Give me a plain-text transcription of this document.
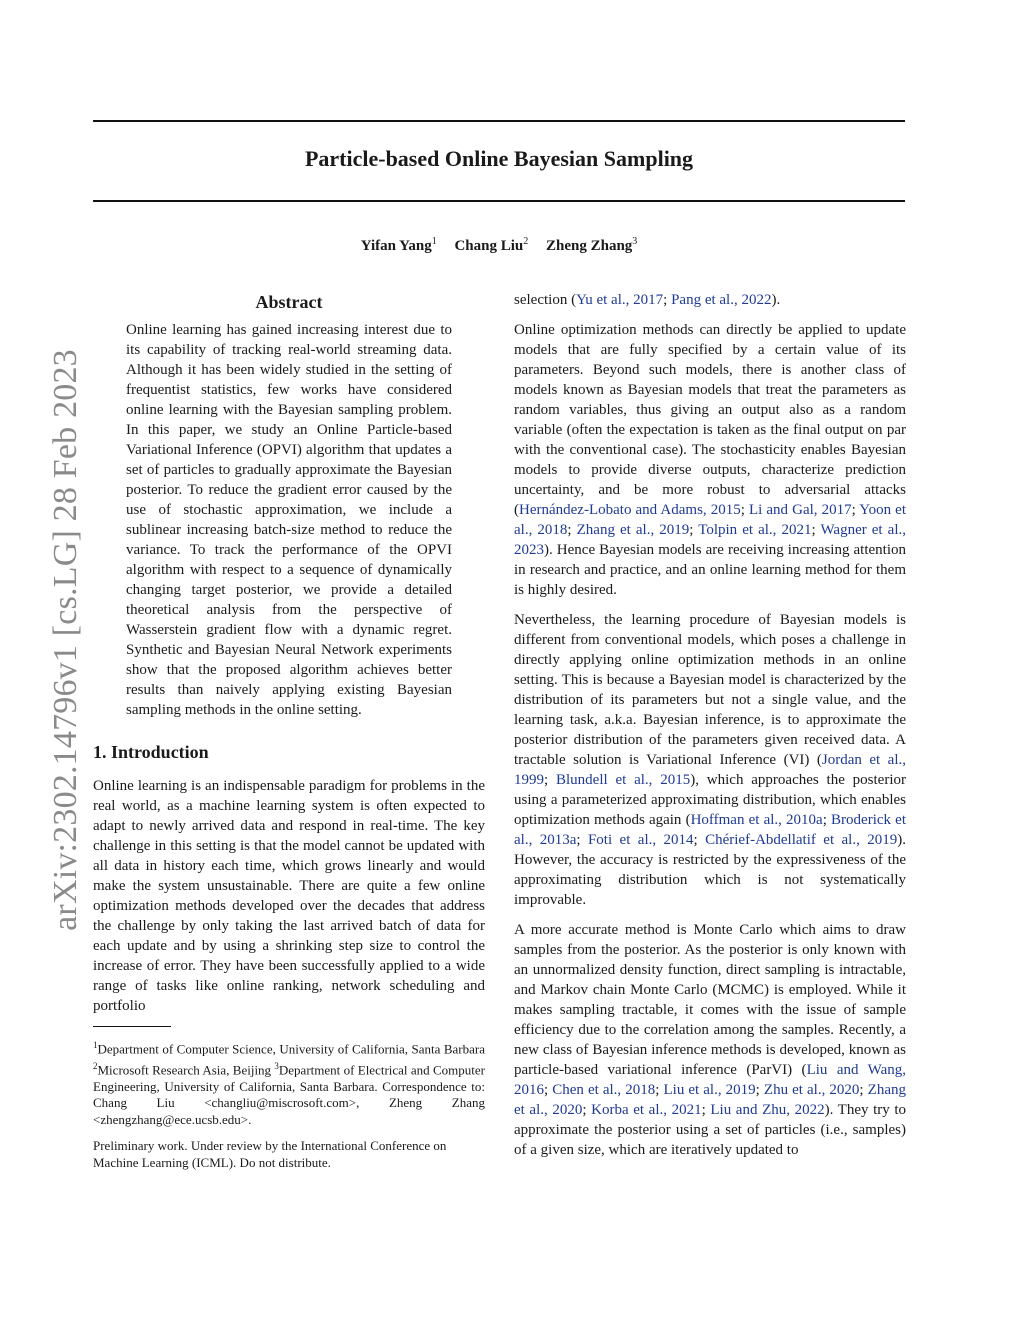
Particle-based Online Bayesian Sampling
Yifan Yang$^1$ Chang Liu$^2$ Zheng Zhang$^3$
arXiv:2302.14796v1 [cs.LG] 28 Feb 2023
Abstract

Online learning has gained increasing interest due to its capability of tracking real-world streaming data. Although it has been widely studied in the setting of frequentist statistics, few works have considered online learning with the Bayesian sampling problem. In this paper, we study an Online Particle-based Variational Inference (OPVI) algorithm that updates a set of particles to gradually approximate the Bayesian posterior. To reduce the gradient error caused by the use of stochastic approximation, we include a sublinear increasing batch-size method to reduce the variance. To track the performance of the OPVI algorithm with respect to a sequence of dynamically changing target posterior, we provide a detailed theoretical analysis from the perspective of Wasserstein gradient flow with a dynamic regret. Synthetic and Bayesian Neural Network experiments show that the proposed algorithm achieves better results than naively applying existing Bayesian sampling methods in the online setting.

1. Introduction

Online learning is an indispensable paradigm for problems in the real world, as a machine learning system is often expected to adapt to newly arrived data and respond in real-time. The key challenge in this setting is that the model cannot be updated with all data in history each time, which grows linearly and would make the system unsustainable. There are quite a few online optimization methods developed over the decades that address the challenge by only taking the last arrived batch of data for each update and by using a shrinking step size to control the increase of error. They have been successfully applied to a wide range of tasks like online ranking, network scheduling and portfolio

$^1$Department of Computer Science, University of California, Santa Barbara $^2$Microsoft Research Asia, Beijing $^3$Department of Electrical and Computer Engineering, University of California, Santa Barbara. Correspondence to: Chang Liu <changliu@miscrosoft.com>, Zheng Zhang <zhengzhang@ece.ucsb.edu>.

Preliminary work. Under review by the International Conference on Machine Learning (ICML). Do not distribute.

selection (Yu et al., 2017; Pang et al., 2022).

Online optimization methods can directly be applied to update models that are fully specified by a certain value of its parameters. Beyond such models, there is another class of models known as Bayesian models that treat the parameters as random variables, thus giving an output also as a random variable (often the expectation is taken as the final output on par with the conventional case). The stochasticity enables Bayesian models to provide diverse outputs, characterize prediction uncertainty, and be more robust to adversarial attacks (Hernández-Lobato and Adams, 2015; Li and Gal, 2017; Yoon et al., 2018; Zhang et al., 2019; Tolpin et al., 2021; Wagner et al., 2023). Hence Bayesian models are receiving increasing attention in research and practice, and an online learning method for them is highly desired.

Nevertheless, the learning procedure of Bayesian models is different from conventional models, which poses a challenge in directly applying online optimization methods in an online setting. This is because a Bayesian model is characterized by the distribution of its parameters but not a single value, and the learning task, a.k.a. Bayesian inference, is to approximate the posterior distribution of the parameters given received data. A tractable solution is Variational Inference (VI) (Jordan et al., 1999; Blundell et al., 2015), which approaches the posterior using a parameterized approximating distribution, which enables optimization methods again (Hoffman et al., 2010a; Broderick et al., 2013a; Foti et al., 2014; Chérief-Abdellatif et al., 2019). However, the accuracy is restricted by the expressiveness of the approximating distribution which is not systematically improvable.

A more accurate method is Monte Carlo which aims to draw samples from the posterior. As the posterior is only known with an unnormalized density function, direct sampling is intractable, and Markov chain Monte Carlo (MCMC) is employed. While it makes sampling tractable, it comes with the issue of sample efficiency due to the correlation among the samples. Recently, a new class of Bayesian inference methods is developed, known as particle-based variational inference (ParVI) (Liu and Wang, 2016; Chen et al., 2018; Liu et al., 2019; Zhu et al., 2020; Zhang et al., 2020; Korba et al., 2021; Liu and Zhu, 2022). They try to approximate the posterior using a set of particles (i.e., samples) of a given size, which are iteratively updated to
